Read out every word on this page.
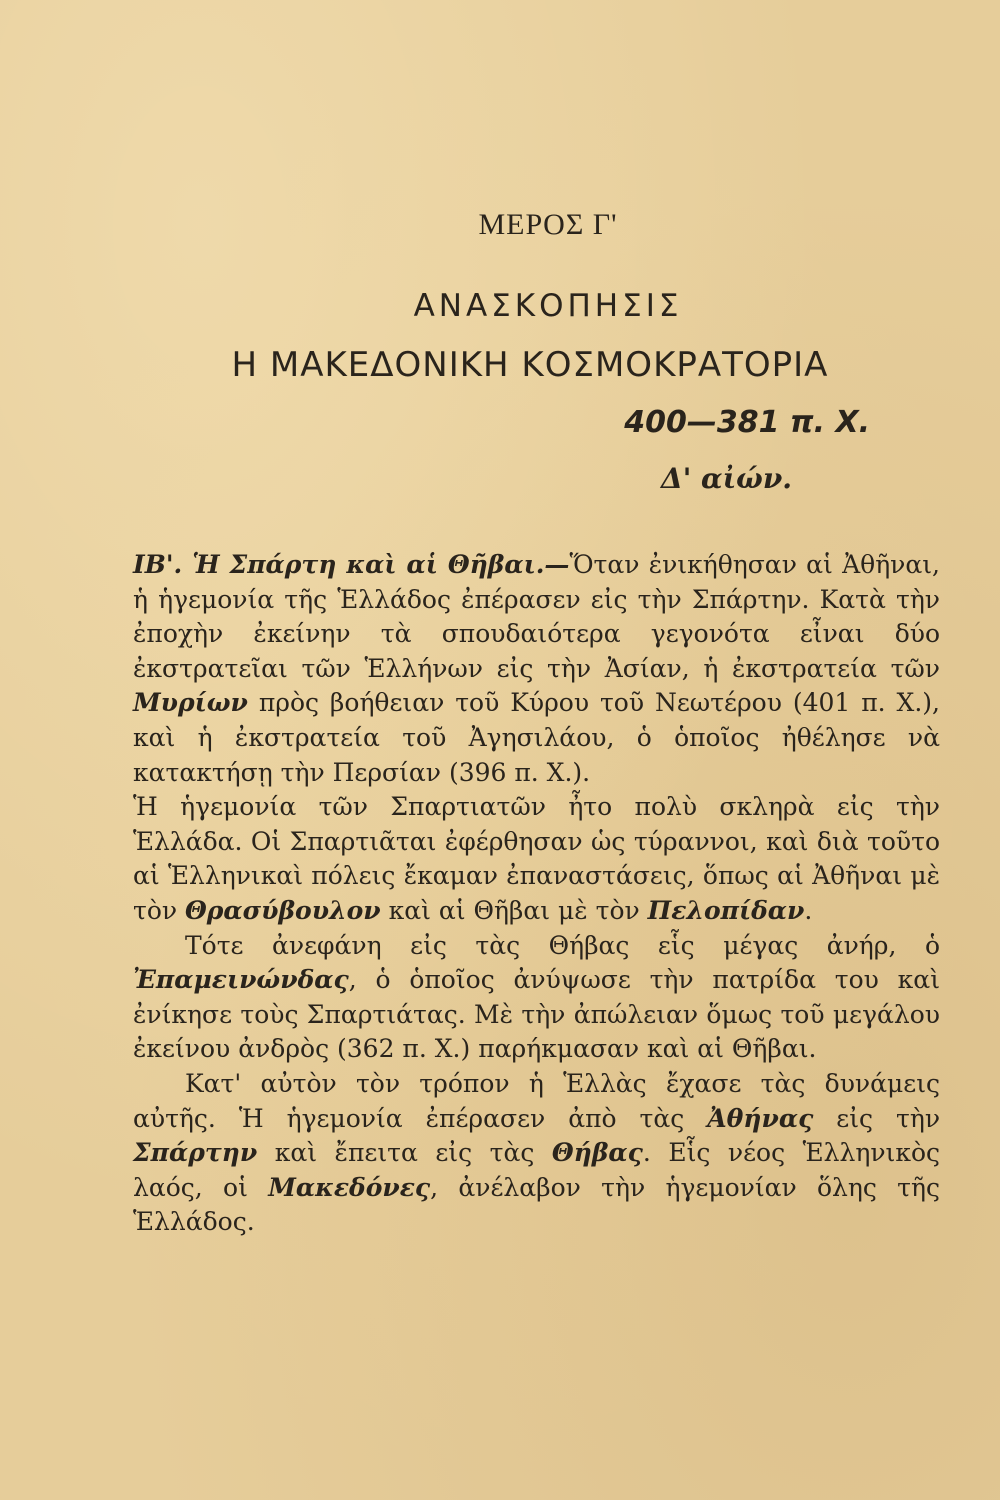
ΜΕΡΟΣ Γ'
ΑΝΑΣΚΟΠΗΣΙΣ
Η ΜΑΚΕΔΟΝΙΚΗ ΚΟΣΜΟΚΡΑΤΟΡΙΑ
400—381 π. Χ.
Δ' αἰών.

ΙΒ'. Ἡ Σπάρτη καὶ αἱ Θῆβαι.—Ὅταν ἐνικήθησαν αἱ Ἀθῆναι, ἡ ἡγεμονία τῆς Ἑλλάδος ἐπέρασεν εἰς τὴν Σπάρτην. Κατὰ τὴν ἐποχὴν ἐκείνην τὰ σπουδαιότερα γεγονότα εἶναι δύο ἐκστρατεῖαι τῶν Ἑλλήνων εἰς τὴν Ἀσίαν, ἡ ἐκστρατεία τῶν Μυρίων πρὸς βοήθειαν τοῦ Κύρου τοῦ Νεωτέρου (401 π. Χ.), καὶ ἡ ἐκστρατεία τοῦ Ἀγησιλάου, ὁ ὁποῖος ἠθέλησε νὰ κατακτήσῃ τὴν Περσίαν (396 π. Χ.).

Ἡ ἡγεμονία τῶν Σπαρτιατῶν ἦτο πολὺ σκληρὰ εἰς τὴν Ἑλλάδα. Οἱ Σπαρτιᾶται ἐφέρθησαν ὡς τύραννοι, καὶ διὰ τοῦτο αἱ Ἑλληνικαὶ πόλεις ἔκαμαν ἐπαναστάσεις, ὅπως αἱ Ἀθῆναι μὲ τὸν Θρασύβουλον καὶ αἱ Θῆβαι μὲ τὸν Πελοπίδαν.

Τότε ἀνεφάνη εἰς τὰς Θήβας εἷς μέγας ἀνήρ, ὁ Ἐπαμεινώνδας, ὁ ὁποῖος ἀνύψωσε τὴν πατρίδα του καὶ ἐνίκησε τοὺς Σπαρτιάτας. Μὲ τὴν ἀπώλειαν ὅμως τοῦ μεγάλου ἐκείνου ἀνδρὸς (362 π. Χ.) παρήκμασαν καὶ αἱ Θῆβαι.

Κατ' αὐτὸν τὸν τρόπον ἡ Ἑλλὰς ἔχασε τὰς δυνάμεις αὐτῆς. Ἡ ἡγεμονία ἐπέρασεν ἀπὸ τὰς Ἀθήνας εἰς τὴν Σπάρτην καὶ ἔπειτα εἰς τὰς Θήβας. Εἷς νέος Ἑλληνικὸς λαός, οἱ Μακεδόνες, ἀνέλαβον τὴν ἡγεμονίαν ὅλης τῆς Ἑλλάδος.
